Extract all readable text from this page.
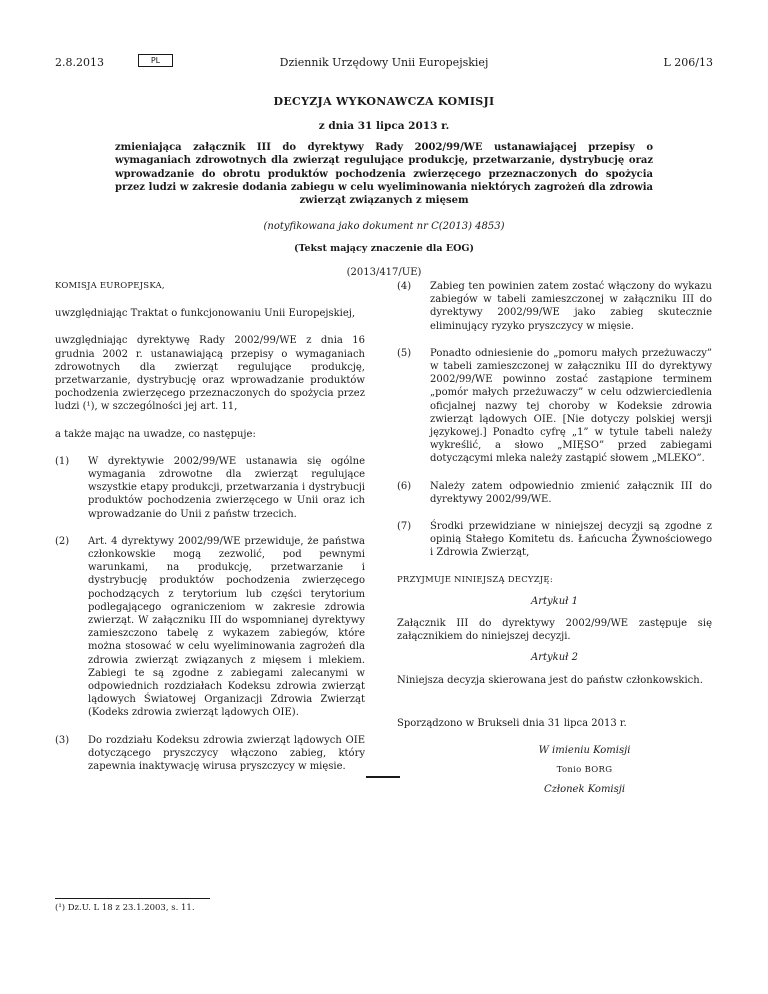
2.8.2013	PL	Dziennik Urzędowy Unii Europejskiej	L 206/13
DECYZJA WYKONAWCZA KOMISJI
z dnia 31 lipca 2013 r.
zmieniająca załącznik III do dyrektywy Rady 2002/99/WE ustanawiającej przepisy o wymaganiach zdrowotnych dla zwierząt regulujące produkcję, przetwarzanie, dystrybucję oraz wprowadzanie do obrotu produktów pochodzenia zwierzęcego przeznaczonych do spożycia przez ludzi w zakresie dodania zabiegu w celu wyeliminowania niektórych zagrożeń dla zdrowia zwierząt związanych z mięsem
(notyfikowana jako dokument nr C(2013) 4853)
(Tekst mający znaczenie dla EOG)
(2013/417/UE)

KOMISJA EUROPEJSKA,

uwzględniając Traktat o funkcjonowaniu Unii Europejskiej,

uwzględniając dyrektywę Rady 2002/99/WE z dnia 16 grudnia 2002 r. ustanawiającą przepisy o wymaganiach zdrowotnych dla zwierząt regulujące produkcję, przetwarzanie, dystrybucję oraz wprowadzanie produktów pochodzenia zwierzęcego przeznaczonych do spożycia przez ludzi (¹), w szczególności jej art. 11,

a także mając na uwadze, co następuje:

(1)	W dyrektywie 2002/99/WE ustanawia się ogólne wymagania zdrowotne dla zwierząt regulujące wszystkie etapy produkcji, przetwarzania i dystrybucji produktów pochodzenia zwierzęcego w Unii oraz ich wprowadzanie do Unii z państw trzecich.
(2)	Art. 4 dyrektywy 2002/99/WE przewiduje, że państwa członkowskie mogą zezwolić, pod pewnymi warunkami, na produkcję, przetwarzanie i dystrybucję produktów pochodzenia zwierzęcego pochodzących z terytorium lub części terytorium podlegającego ograniczeniom w zakresie zdrowia zwierząt. W załączniku III do wspomnianej dyrektywy zamieszczono tabelę z wykazem zabiegów, które można stosować w celu wyeliminowania zagrożeń dla zdrowia zwierząt związanych z mięsem i mlekiem. Zabiegi te są zgodne z zabiegami zalecanymi w odpowiednich rozdziałach Kodeksu zdrowia zwierząt lądowych Światowej Organizacji Zdrowia Zwierząt (Kodeks zdrowia zwierząt lądowych OIE).
(3)	Do rozdziału Kodeksu zdrowia zwierząt lądowych OIE dotyczącego pryszczycy włączono zabieg, który zapewnia inaktywację wirusa pryszczycy w mięsie.
(4)	Zabieg ten powinien zatem zostać włączony do wykazu zabiegów w tabeli zamieszczonej w załączniku III do dyrektywy 2002/99/WE jako zabieg skutecznie eliminujący ryzyko pryszczycy w mięsie.
(5)	Ponadto odniesienie do „pomoru małych przeżuwaczy” w tabeli zamieszczonej w załączniku III do dyrektywy 2002/99/WE powinno zostać zastąpione terminem „pomór małych przeżuwaczy” w celu odzwierciedlenia oficjalnej nazwy tej choroby w Kodeksie zdrowia zwierząt lądowych OIE. [Nie dotyczy polskiej wersji językowej.] Ponadto cyfrę „1” w tytule tabeli należy wykreślić, a słowo „MIĘSO” przed zabiegami dotyczącymi mleka należy zastąpić słowem „MLEKO”.
(6)	Należy zatem odpowiednio zmienić załącznik III do dyrektywy 2002/99/WE.
(7)	Środki przewidziane w niniejszej decyzji są zgodne z opinią Stałego Komitetu ds. Łańcucha Żywnościowego i Zdrowia Zwierząt,

PRZYJMUJE NINIEJSZĄ DECYZJĘ:

Artykuł 1

Załącznik III do dyrektywy 2002/99/WE zastępuje się załącznikiem do niniejszej decyzji.

Artykuł 2

Niniejsza decyzja skierowana jest do państw członkowskich.

Sporządzono w Brukseli dnia 31 lipca 2013 r.

W imieniu Komisji
Tonio BORG
Członek Komisji
(¹) Dz.U. L 18 z 23.1.2003, s. 11.
